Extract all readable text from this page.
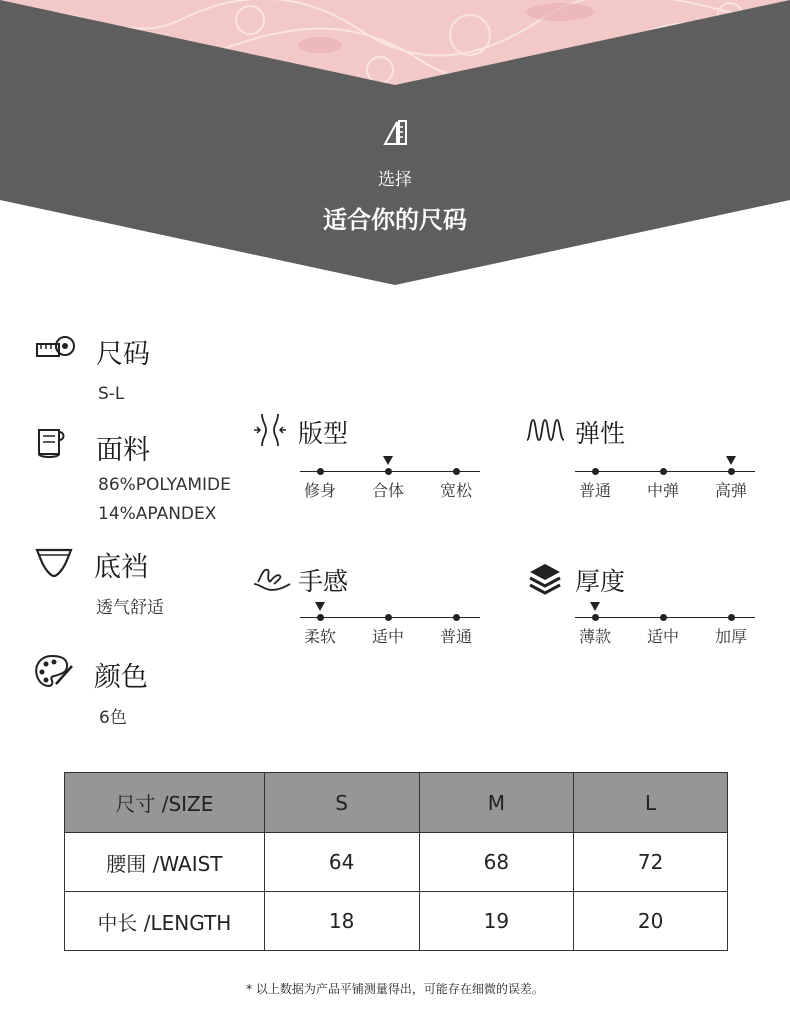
选择
适合你的尺码
尺码
S-L
面料
86%POLYAMIDE
14%APANDEX
底裆
透气舒适
颜色
6色
版型
修身	合体	宽松
弹性
普通	中弹	高弹
手感
柔软	适中	普通
厚度
薄款	适中	加厚
尺寸 /SIZE	S	M	L
腰围 /WAIST	64	68	72
中长 /LENGTH	18	19	20
* 以上数据为产品平铺测量得出，可能存在细微的误差。
